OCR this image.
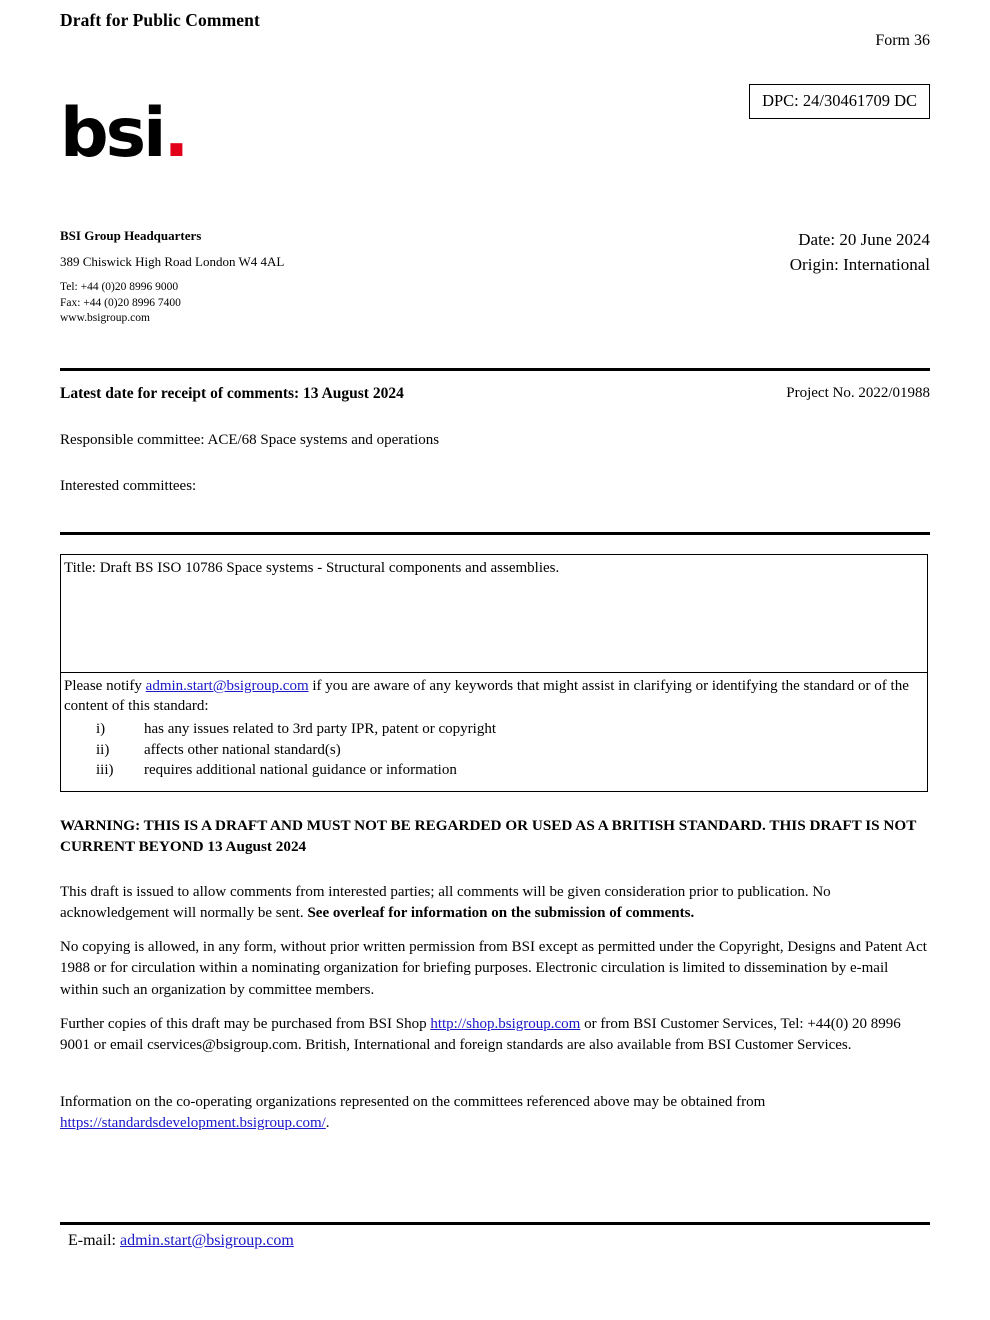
Draft for Public Comment
Form 36
DPC: 24/30461709 DC
bsi.
BSI Group Headquarters
389 Chiswick High Road London W4 4AL
Tel: +44 (0)20 8996 9000
Fax: +44 (0)20 8996 7400
www.bsigroup.com
Date: 20 June 2024
Origin: International
Latest date for receipt of comments: 13 August 2024	Project No. 2022/01988
Responsible committee: ACE/68 Space systems and operations
Interested committees:
Title: Draft BS ISO 10786 Space systems - Structural components and assemblies.
Please notify admin.start@bsigroup.com if you are aware of any keywords that might assist in clarifying or identifying the standard or of the content of this standard:
i)	has any issues related to 3rd party IPR, patent or copyright
ii) affects other national standard(s)
iii) requires additional national guidance or information
WARNING: THIS IS A DRAFT AND MUST NOT BE REGARDED OR USED AS A BRITISH STANDARD. THIS DRAFT IS NOT CURRENT BEYOND 13 August 2024
This draft is issued to allow comments from interested parties; all comments will be given consideration prior to publication. No acknowledgement will normally be sent. See overleaf for information on the submission of comments.
No copying is allowed, in any form, without prior written permission from BSI except as permitted under the Copyright, Designs and Patent Act 1988 or for circulation within a nominating organization for briefing purposes. Electronic circulation is limited to dissemination by e-mail within such an organization by committee members.
Further copies of this draft may be purchased from BSI Shop http://shop.bsigroup.com or from BSI Customer Services, Tel: +44(0) 20 8996 9001 or email cservices@bsigroup.com. British, International and foreign standards are also available from BSI Customer Services.
Information on the co-operating organizations represented on the committees referenced above may be obtained from https://standardsdevelopment.bsigroup.com/.
E-mail: admin.start@bsigroup.com
